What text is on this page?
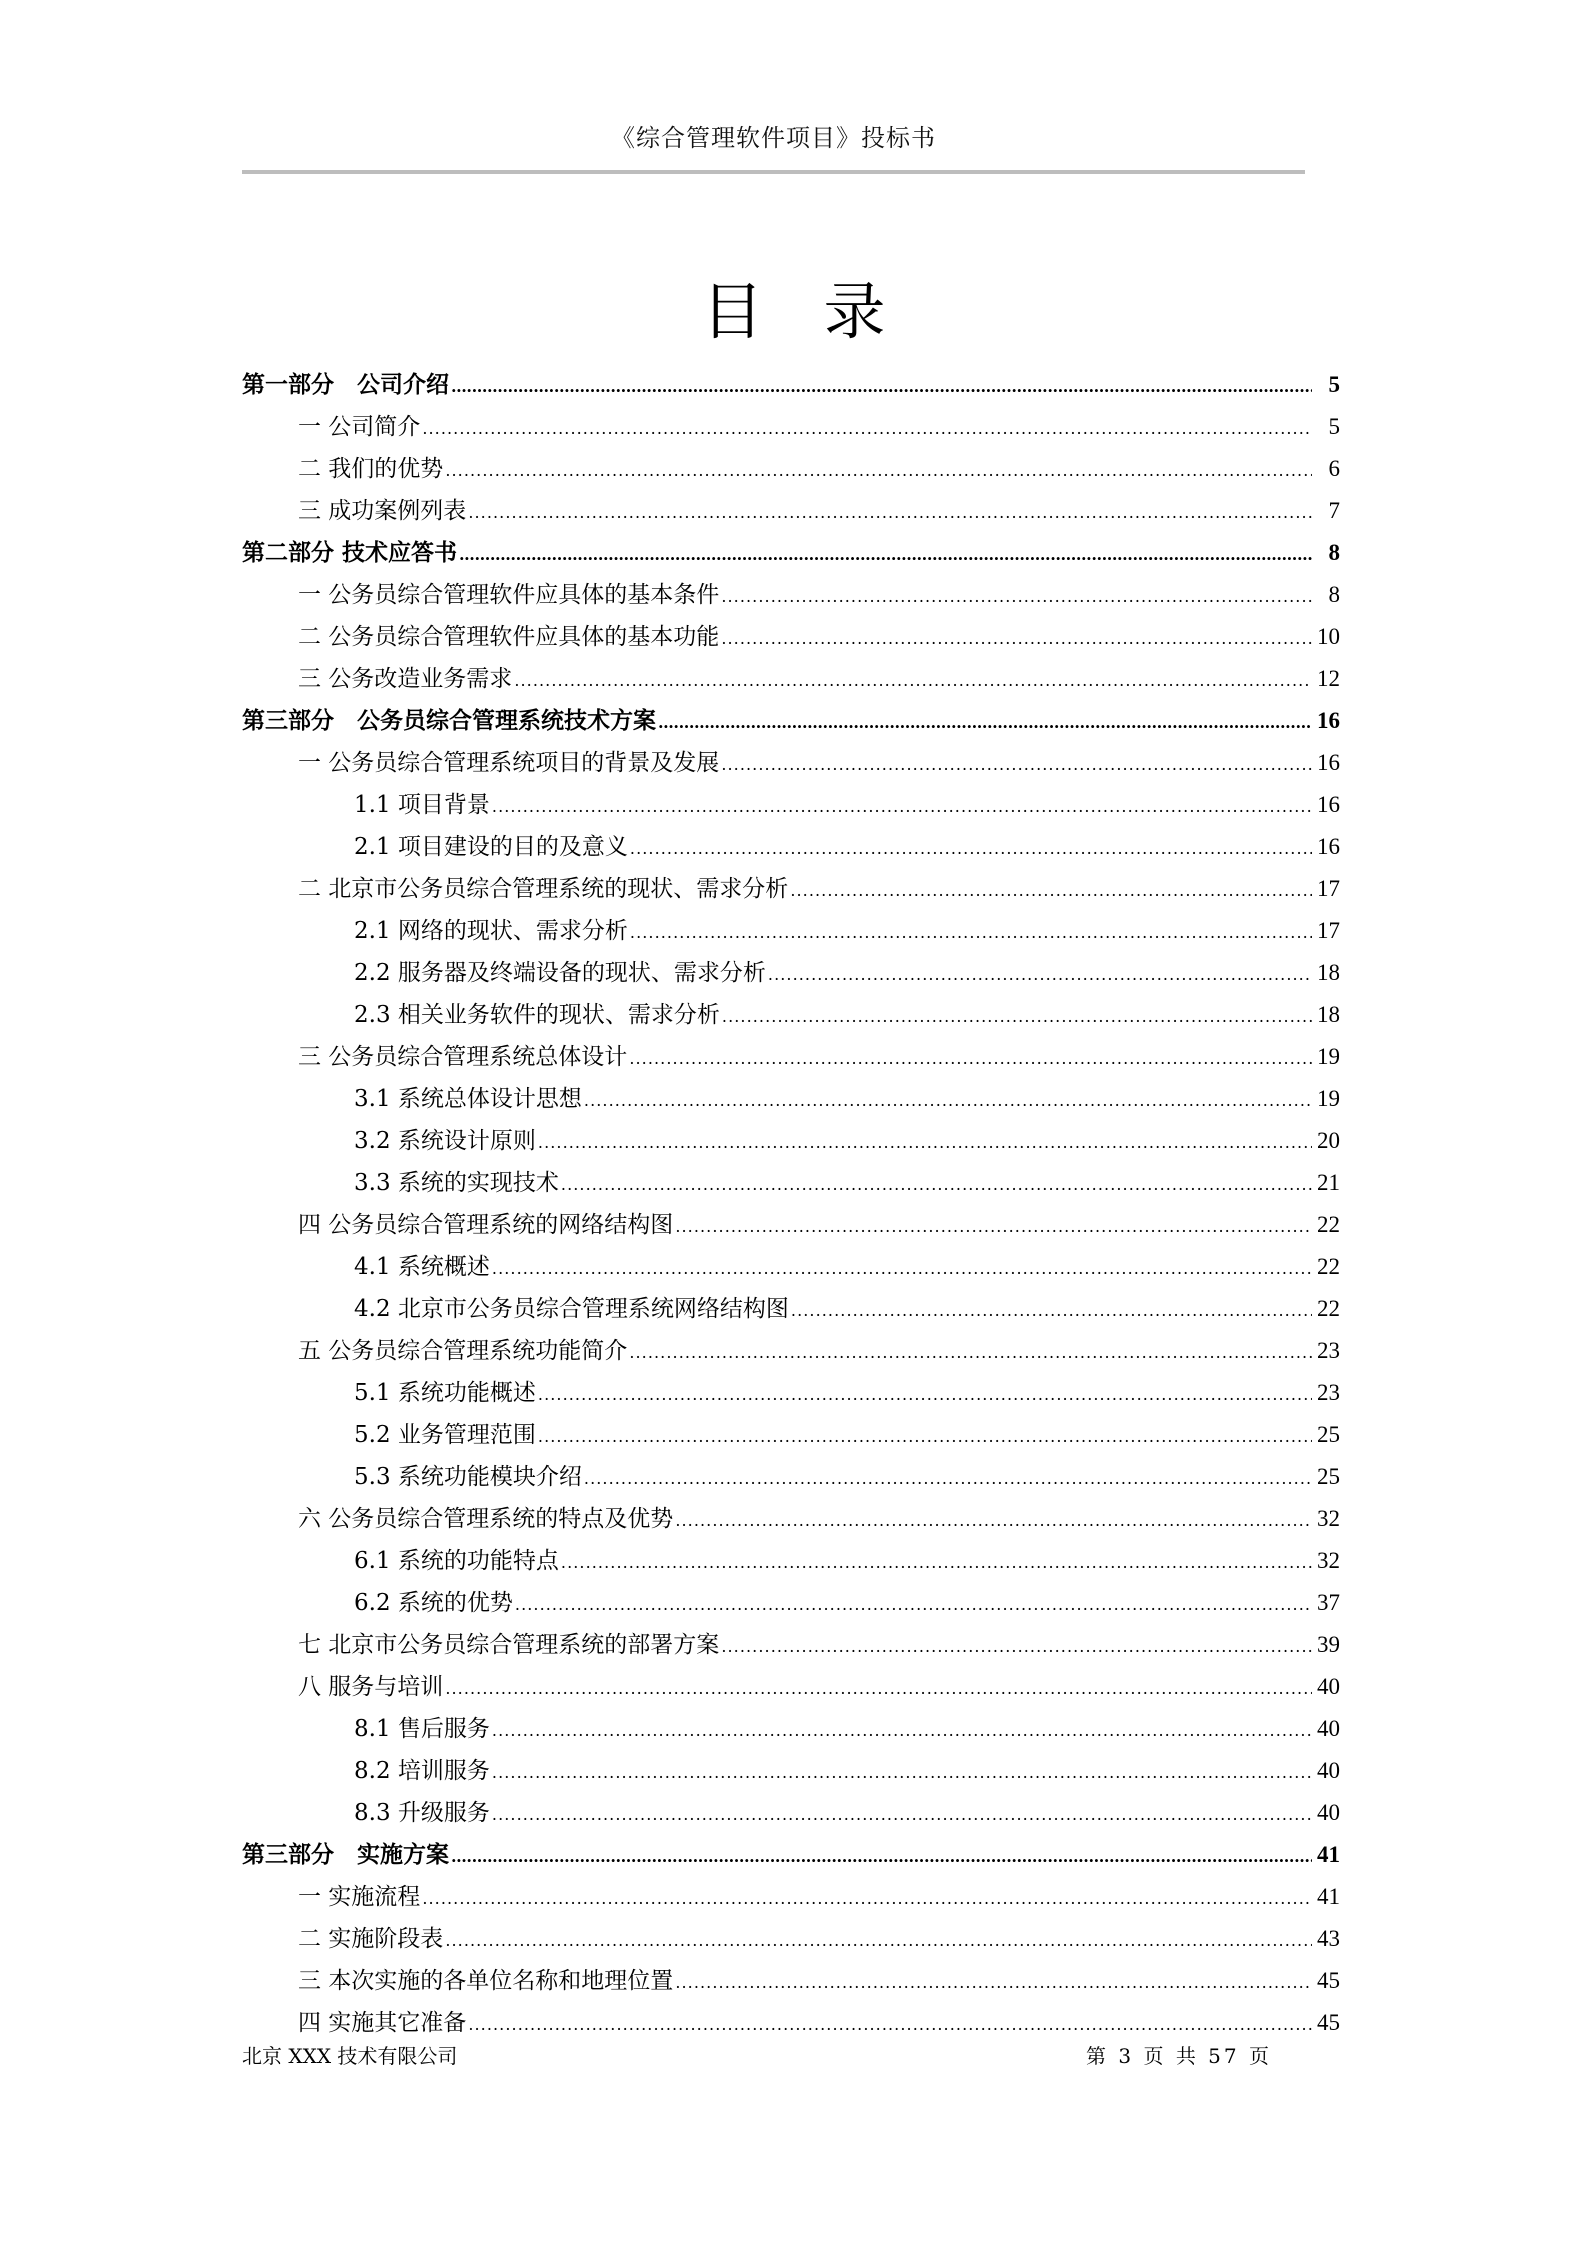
《综合管理软件项目》投标书
目录
第一部分　公司介绍 . . .	5
一 公司简介 . . .	5
二 我们的优势 . . .	6
三 成功案例列表 . . .	7
第二部分 技术应答书 . . .	8
一 公务员综合管理软件应具体的基本条件 . . .	8
二 公务员综合管理软件应具体的基本功能 . . .	10
三 公务改造业务需求 . . .	12
第三部分　公务员综合管理系统技术方案 . . .	16
一 公务员综合管理系统项目的背景及发展 . . .	16
1.1 项目背景 . . .	16
2.1 项目建设的目的及意义 . . .	16
二 北京市公务员综合管理系统的现状、需求分析 . . .	17
2.1 网络的现状、需求分析 . . .	17
2.2 服务器及终端设备的现状、需求分析 . . .	18
2.3 相关业务软件的现状、需求分析 . . .	18
三 公务员综合管理系统总体设计 . . .	19
3.1 系统总体设计思想 . . .	19
3.2 系统设计原则 . . .	20
3.3 系统的实现技术 . . .	21
四 公务员综合管理系统的网络结构图 . . .	22
4.1 系统概述 . . .	22
4.2 北京市公务员综合管理系统网络结构图 . . .	22
五 公务员综合管理系统功能简介 . . .	23
5.1 系统功能概述 . . .	23
5.2 业务管理范围 . . .	25
5.3 系统功能模块介绍 . . .	25
六 公务员综合管理系统的特点及优势 . . .	32
6.1 系统的功能特点 . . .	32
6.2 系统的优势 . . .	37
七 北京市公务员综合管理系统的部署方案 . . .	39
八 服务与培训 . . .	40
8.1 售后服务 . . .	40
8.2 培训服务 . . .	40
8.3 升级服务 . . .	40
第三部分　实施方案 . . .	41
一 实施流程 . . .	41
二 实施阶段表 . . .	43
三 本次实施的各单位名称和地理位置 . . .	45
四 实施其它准备 . . .	45
北京 XXX 技术有限公司	第 3 页 共 57 页
